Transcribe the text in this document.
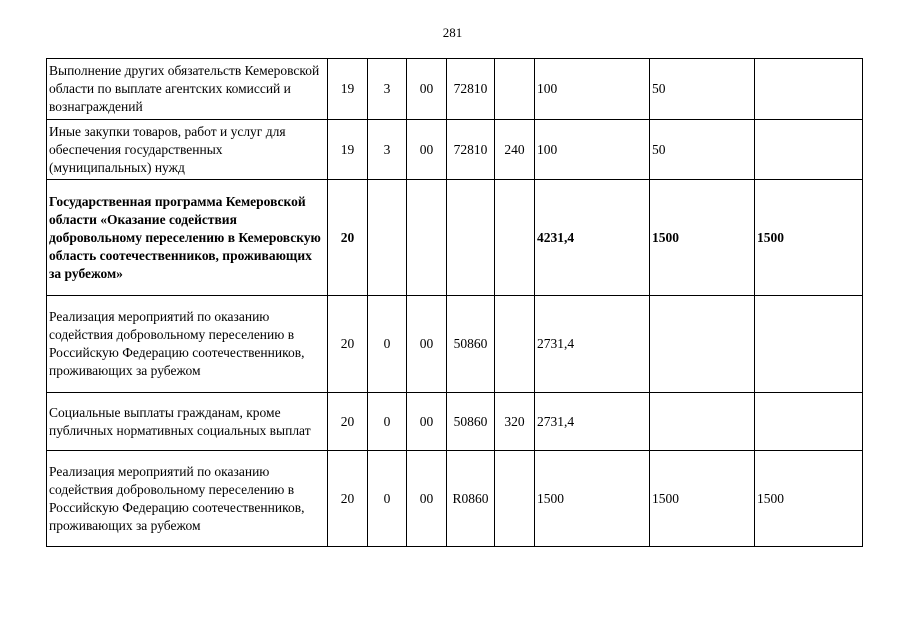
281
Выполнение других обязательств Кемеровской области по выплате агентских комиссий и вознаграждений	19	3	00	72810		100	50	
Иные закупки товаров, работ и услуг для обеспечения государственных (муниципальных) нужд	19	3	00	72810	240	100	50	
Государственная программа Кемеровской области «Оказание содействия добровольному переселению в Кемеровскую область соотечественников, проживающих за рубежом»	20					4231,4	1500	1500
Реализация мероприятий по оказанию содействия добровольному переселению в Российскую Федерацию соотечественников, проживающих за рубежом	20	0	00	50860		2731,4		
Социальные выплаты гражданам, кроме публичных нормативных социальных выплат	20	0	00	50860	320	2731,4		
Реализация мероприятий по оказанию содействия добровольному переселению в Российскую Федерацию соотечественников, проживающих за рубежом	20	0	00	R0860		1500	1500	1500
